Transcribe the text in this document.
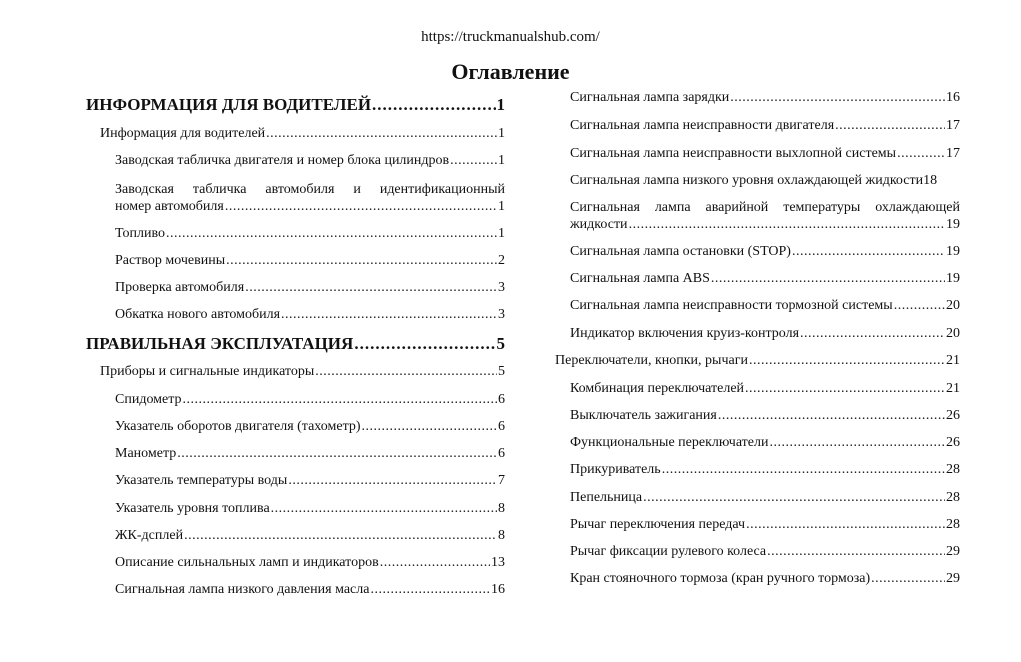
https://truckmanualshub.com/
Оглавление
ИНФОРМАЦИЯ ДЛЯ ВОДИТЕЛЕЙ .....	1
Информация для водителей .....	1
Заводская табличка двигателя и номер блока цилиндров .....	1
Заводская табличка автомобиля и идентификационный
номер автомобиля .....	1
Топливо .....	1
Раствор мочевины .....	2
Проверка автомобиля .....	3
Обкатка нового автомобиля .....	3
ПРАВИЛЬНАЯ ЭКСПЛУАТАЦИЯ .....	5
Приборы и сигнальные индикаторы .....	5
Спидометр .....	6
Указатель оборотов двигателя (тахометр) .....	6
Манометр .....	6
Указатель температуры воды .....	7
Указатель уровня топлива .....	8
ЖК-дсплей .....	8
Описание сильнальных ламп и индикаторов .....	13
Сигнальная лампа низкого давления масла .....	16
Сигнальная лампа зарядки .....	16
Сигнальная лампа неисправности двигателя .....	17
Сигнальная лампа неисправности выхлопной системы .....	17
Сигнальная лампа низкого уровня охлаждающей жидкости 18
Сигнальная лампа аварийной температуры охлаждающей
жидкости .....	19
Сигнальная лампа остановки (STOP) .....	19
Сигнальная лампа ABS .....	19
Сигнальная лампа неисправности тормозной системы .....	20
Индикатор включения круиз-контроля .....	20
Переключатели, кнопки, рычаги .....	21
Комбинация переключателей .....	21
Выключатель зажигания .....	26
Функциональные переключатели .....	26
Прикуриватель .....	28
Пепельница .....	28
Рычаг переключения передач .....	28
Рычаг фиксации рулевого колеса .....	29
Кран стояночного тормоза (кран ручного тормоза) .....	29
